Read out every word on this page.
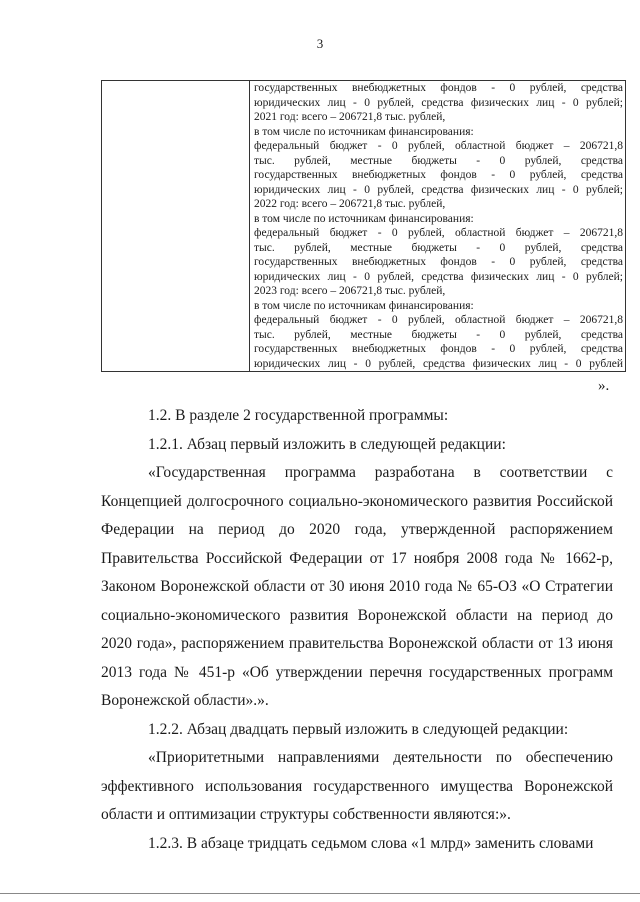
3
государственных внебюджетных фондов - 0 рублей, средства
юридических лиц - 0 рублей, средства физических лиц - 0 рублей;
2021 год: всего – 206721,8 тыс. рублей,
в том числе по источникам финансирования:
федеральный бюджет - 0 рублей, областной бюджет – 206721,8
тыс. рублей, местные бюджеты - 0 рублей, средства
государственных внебюджетных фондов - 0 рублей, средства
юридических лиц - 0 рублей, средства физических лиц - 0 рублей;
2022 год: всего – 206721,8 тыс. рублей,
в том числе по источникам финансирования:
федеральный бюджет - 0 рублей, областной бюджет – 206721,8
тыс. рублей, местные бюджеты - 0 рублей, средства
государственных внебюджетных фондов - 0 рублей, средства
юридических лиц - 0 рублей, средства физических лиц - 0 рублей;
2023 год: всего – 206721,8 тыс. рублей,
в том числе по источникам финансирования:
федеральный бюджет - 0 рублей, областной бюджет – 206721,8
тыс. рублей, местные бюджеты - 0 рублей, средства
государственных внебюджетных фондов - 0 рублей, средства
юридических лиц - 0 рублей, средства физических лиц - 0 рублей
».

1.2. В разделе 2 государственной программы:

1.2.1. Абзац первый изложить в следующей редакции:

«Государственная программа разработана в соответствии с Концепцией долгосрочного социально-экономического развития Российской Федерации на период до 2020 года, утвержденной распоряжением Правительства Российской Федерации от 17 ноября 2008 года № 1662-р, Законом Воронежской области от 30 июня 2010 года № 65-ОЗ «О Стратегии социально-экономического развития Воронежской области на период до 2020 года», распоряжением правительства Воронежской области от 13 июня 2013 года № 451-р «Об утверждении перечня государственных программ Воронежской области».».

1.2.2. Абзац двадцать первый изложить в следующей редакции:

«Приоритетными направлениями деятельности по обеспечению эффективного использования государственного имущества Воронежской области и оптимизации структуры собственности являются:».

1.2.3. В абзаце тридцать седьмом слова «1 млрд» заменить словами
